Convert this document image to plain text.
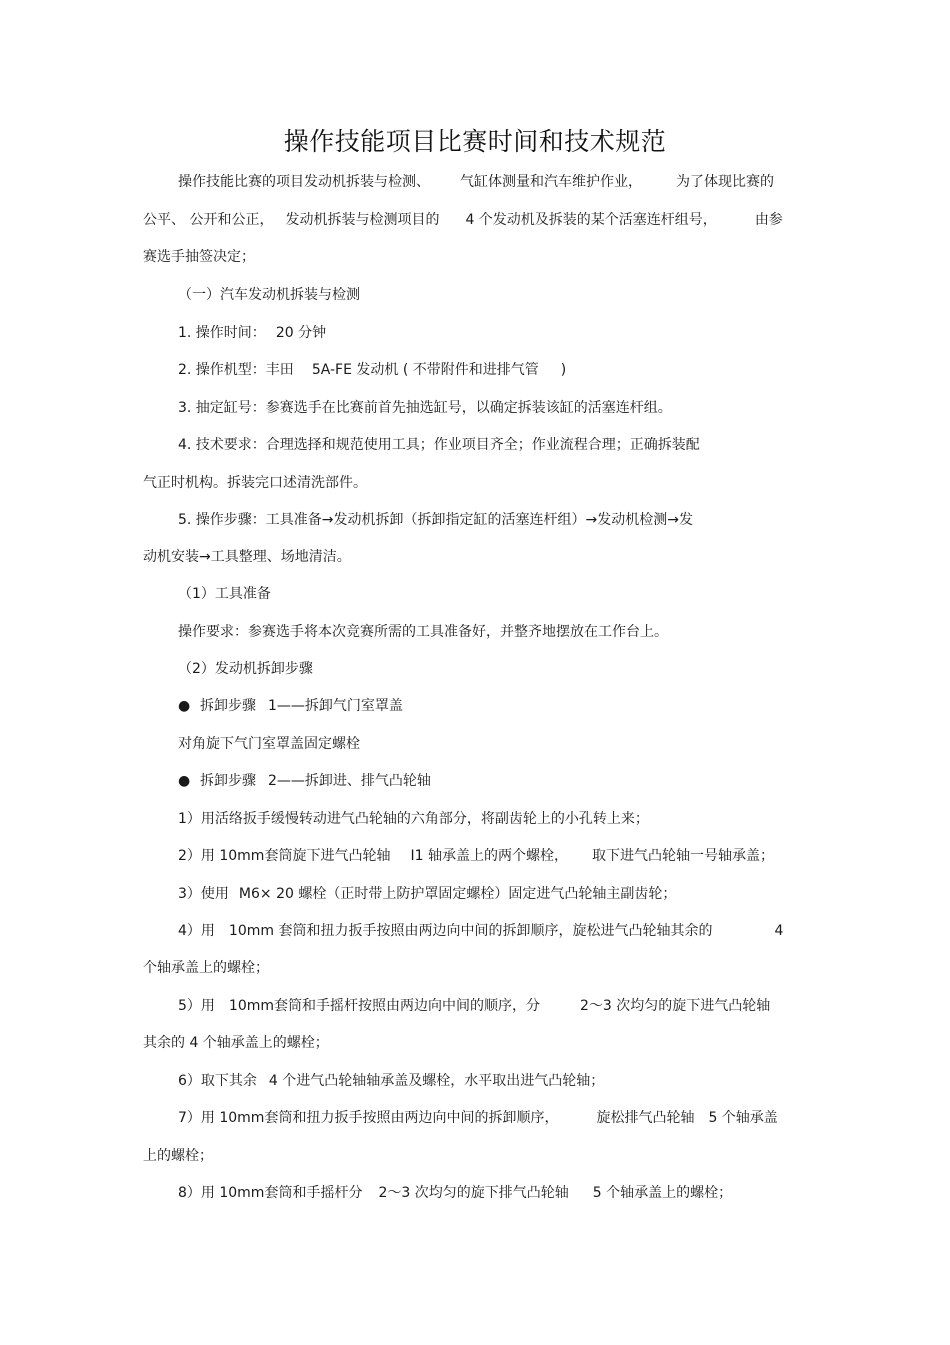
操作技能项目比赛时间和技术规范
操作技能比赛的项目发动机拆装与检测、 气缸体测量和汽车维护作业， 为了体现比赛的
公平、 公开和公正， 发动机拆装与检测项目的 4 个发动机及拆装的某个活塞连杆组号，	由参
赛选手抽签决定；
（一）汽车发动机拆装与检测
1. 操作时间： 20 分钟
2. 操作机型：丰田 5A-FE 发动机 ( 不带附件和进排气管 )
3. 抽定缸号：参赛选手在比赛前首先抽选缸号，以确定拆装该缸的活塞连杆组。
4. 技术要求：合理选择和规范使用工具；作业项目齐全；作业流程合理；正确拆装配
气正时机构。拆装完口述清洗部件。
5. 操作步骤：工具准备→发动机拆卸（拆卸指定缸的活塞连杆组）→发动机检测→发
动机安装→工具整理、场地清洁。
（1）工具准备
操作要求：参赛选手将本次竞赛所需的工具准备好，并整齐地摆放在工作台上。
（2）发动机拆卸步骤
● 拆卸步骤 1——拆卸气门室罩盖
对角旋下气门室罩盖固定螺栓
● 拆卸步骤 2——拆卸进、排气凸轮轴
1）用活络扳手缓慢转动进气凸轮轴的六角部分，将副齿轮上的小孔转上来；
2）用 10mm套筒旋下进气凸轮轴 I1 轴承盖上的两个螺栓， 取下进气凸轮轴一号轴承盖；
3）使用 M6× 20 螺栓（正时带上防护罩固定螺栓）固定进气凸轮轴主副齿轮；
4）用 10mm 套筒和扭力扳手按照由两边向中间的拆卸顺序，旋松进气凸轮轴其余的	4
个轴承盖上的螺栓；
5）用 10mm套筒和手摇杆按照由两边向中间的顺序，分	2～3 次均匀的旋下进气凸轮轴
其余的 4 个轴承盖上的螺栓；
6）取下其余 4 个进气凸轮轴轴承盖及螺栓，水平取出进气凸轮轴；
7）用 10mm套筒和扭力扳手按照由两边向中间的拆卸顺序，	旋松排气凸轮轴 5 个轴承盖
上的螺栓；
8）用 10mm套筒和手摇杆分 2～3 次均匀的旋下排气凸轮轴 5 个轴承盖上的螺栓；
